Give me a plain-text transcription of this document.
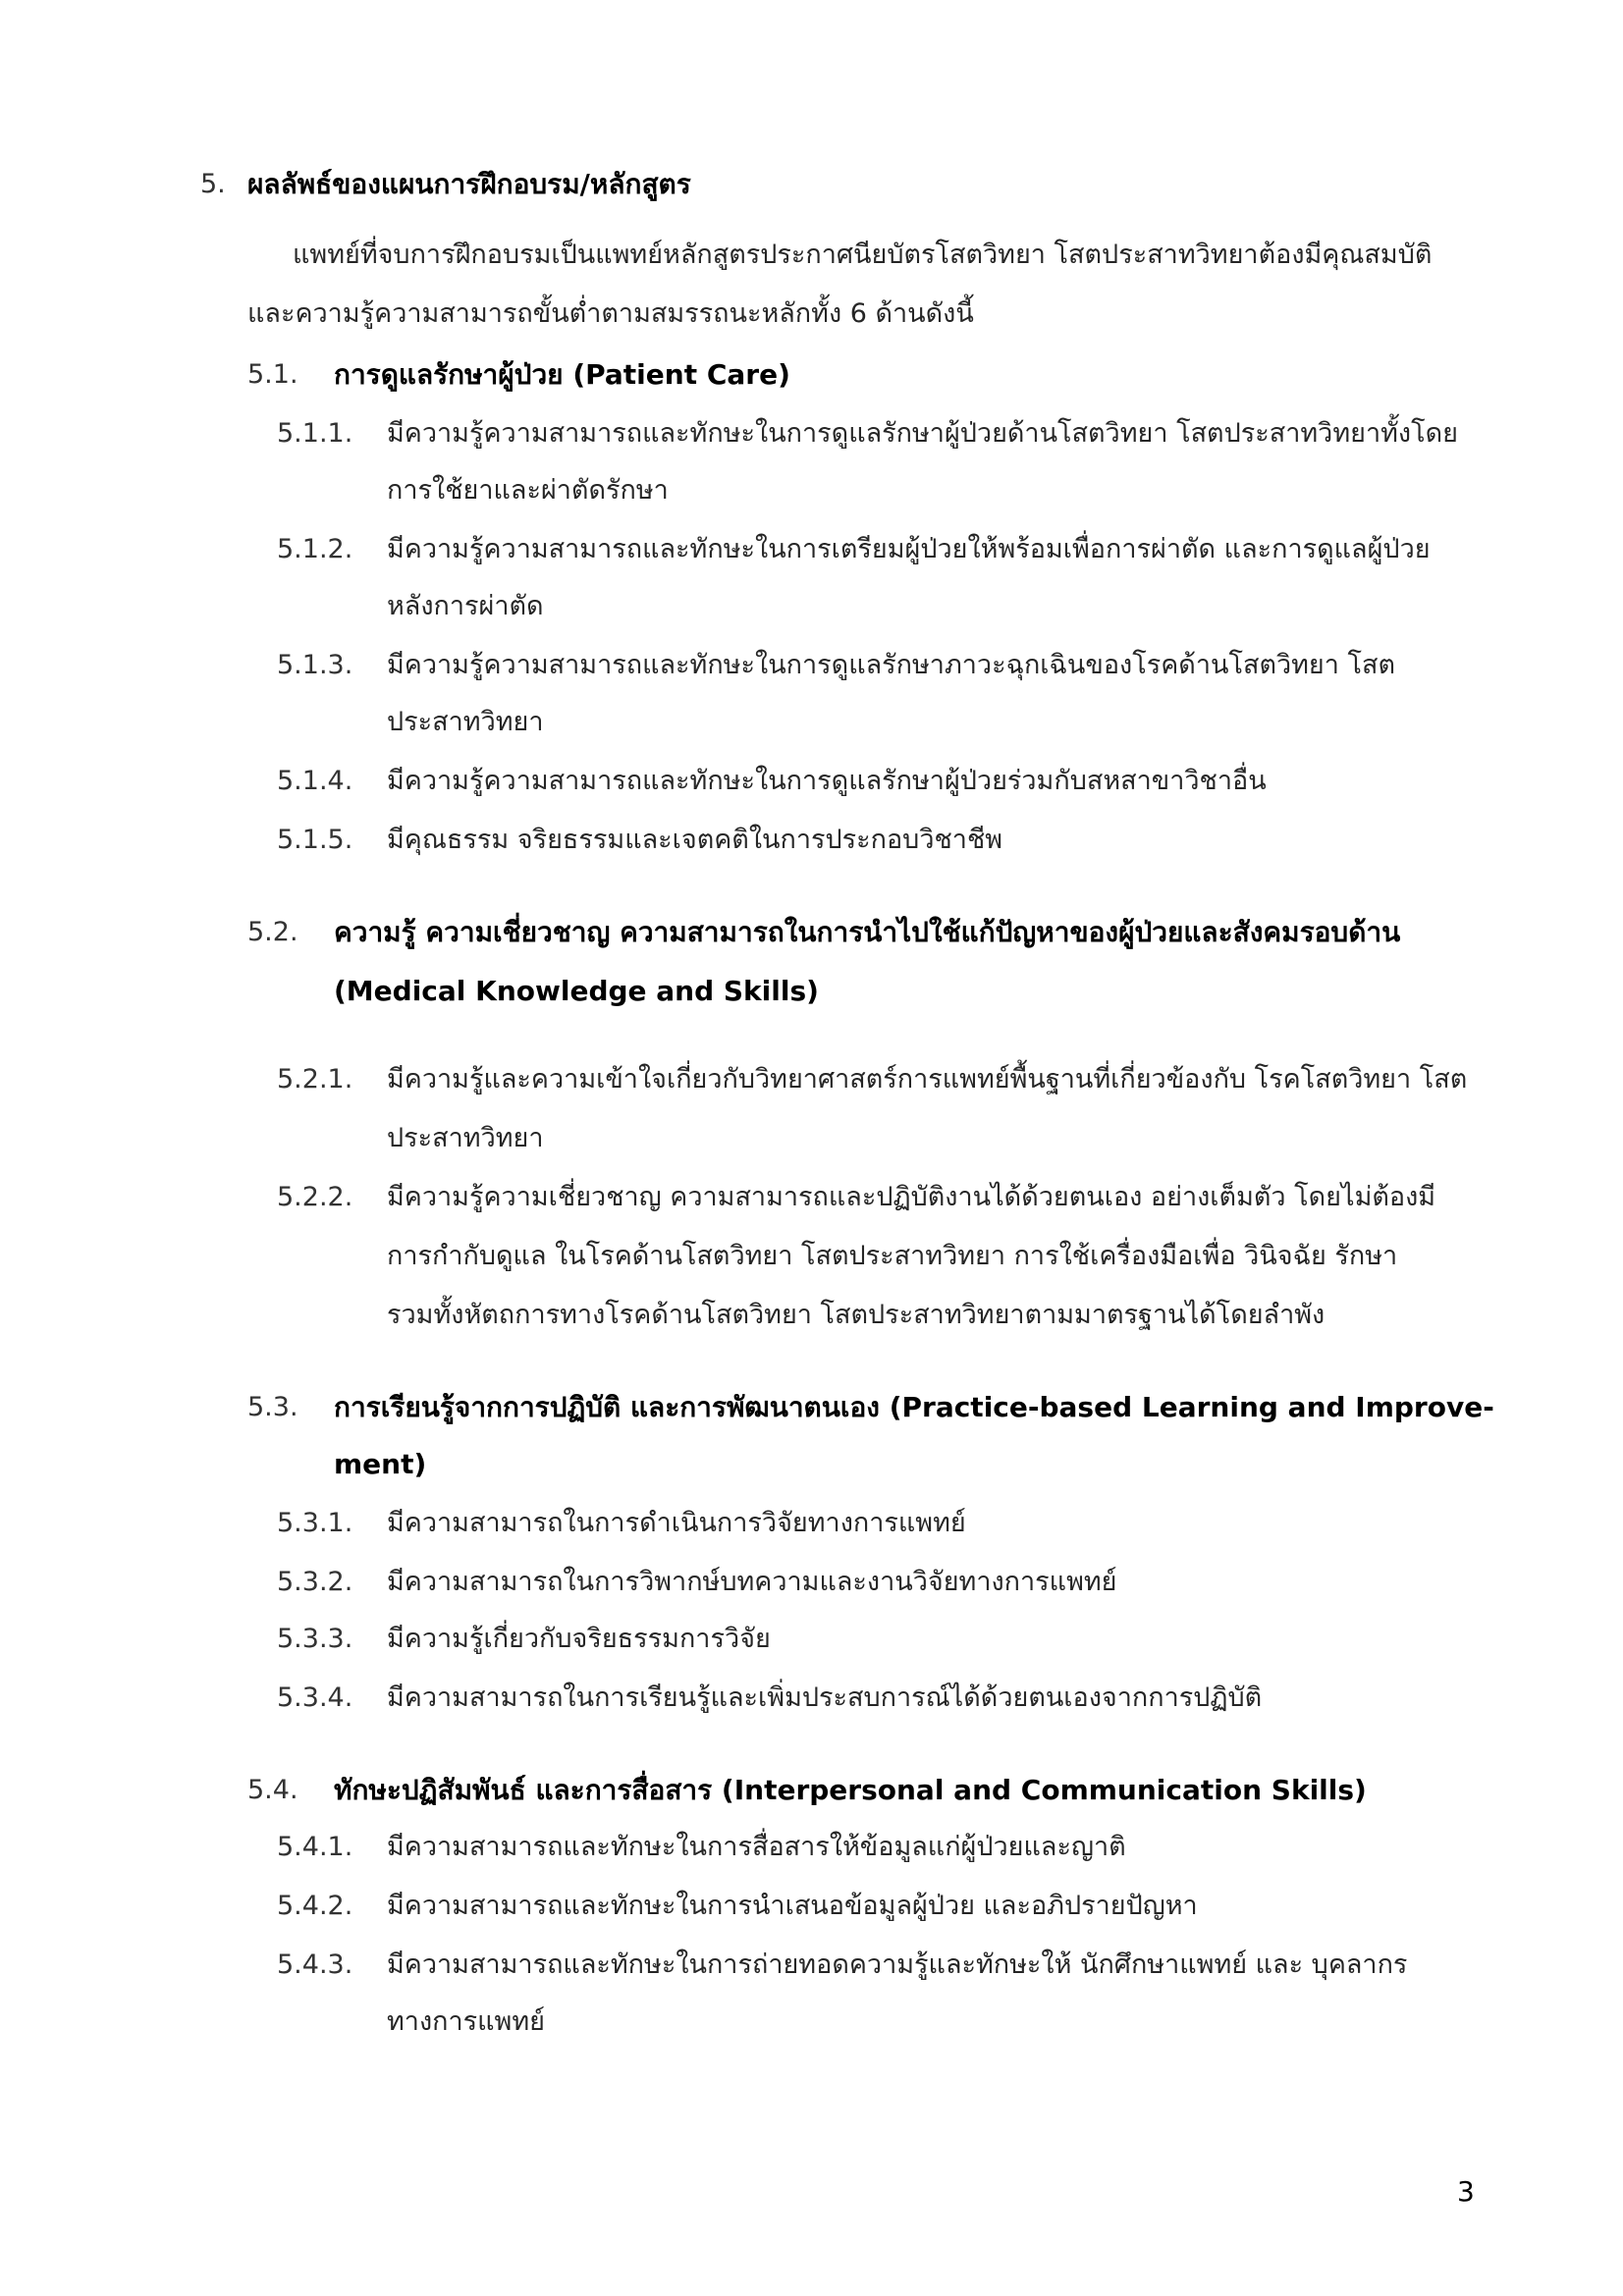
5. ผลลัพธ์ของแผนการฝึกอบรม/หลักสูตร
แพทย์ที่จบการฝึกอบรมเป็นแพทย์หลักสูตรประกาศนียบัตรโสตวิทยา โสตประสาทวิทยาต้องมีคุณสมบัติ
และความรู้ความสามารถขั้นต่ำตามสมรรถนะหลักทั้ง 6 ด้านดังนี้
5.1. การดูแลรักษาผู้ป่วย (Patient Care)
5.1.1. มีความรู้ความสามารถและทักษะในการดูแลรักษาผู้ป่วยด้านโสตวิทยา โสตประสาทวิทยาทั้งโดย
การใช้ยาและผ่าตัดรักษา
5.1.2. มีความรู้ความสามารถและทักษะในการเตรียมผู้ป่วยให้พร้อมเพื่อการผ่าตัด และการดูแลผู้ป่วย
หลังการผ่าตัด
5.1.3. มีความรู้ความสามารถและทักษะในการดูแลรักษาภาวะฉุกเฉินของโรคด้านโสตวิทยา โสต
ประสาทวิทยา
5.1.4. มีความรู้ความสามารถและทักษะในการดูแลรักษาผู้ป่วยร่วมกับสหสาขาวิชาอื่น
5.1.5. มีคุณธรรม จริยธรรมและเจตคติในการประกอบวิชาชีพ
5.2. ความรู้ ความเชี่ยวชาญ ความสามารถในการนำไปใช้แก้ปัญหาของผู้ป่วยและสังคมรอบด้าน
(Medical Knowledge and Skills)
5.2.1. มีความรู้และความเข้าใจเกี่ยวกับวิทยาศาสตร์การแพทย์พื้นฐานที่เกี่ยวข้องกับ โรคโสตวิทยา โสต
ประสาทวิทยา
5.2.2. มีความรู้ความเชี่ยวชาญ ความสามารถและปฏิบัติงานได้ด้วยตนเอง อย่างเต็มตัว โดยไม่ต้องมี
การกำกับดูแล ในโรคด้านโสตวิทยา โสตประสาทวิทยา การใช้เครื่องมือเพื่อ วินิจฉัย รักษา
รวมทั้งหัตถการทางโรคด้านโสตวิทยา โสตประสาทวิทยาตามมาตรฐานได้โดยลำพัง
5.3. การเรียนรู้จากการปฏิบัติ และการพัฒนาตนเอง (Practice-based Learning and Improve-
ment)
5.3.1. มีความสามารถในการดำเนินการวิจัยทางการแพทย์
5.3.2. มีความสามารถในการวิพากษ์บทความและงานวิจัยทางการแพทย์
5.3.3. มีความรู้เกี่ยวกับจริยธรรมการวิจัย
5.3.4. มีความสามารถในการเรียนรู้และเพิ่มประสบการณ์ได้ด้วยตนเองจากการปฏิบัติ
5.4. ทักษะปฏิสัมพันธ์ และการสื่อสาร (Interpersonal and Communication Skills)
5.4.1. มีความสามารถและทักษะในการสื่อสารให้ข้อมูลแก่ผู้ป่วยและญาติ
5.4.2. มีความสามารถและทักษะในการนำเสนอข้อมูลผู้ป่วย และอภิปรายปัญหา
5.4.3. มีความสามารถและทักษะในการถ่ายทอดความรู้และทักษะให้ นักศึกษาแพทย์ และ บุคลากร
ทางการแพทย์
3
